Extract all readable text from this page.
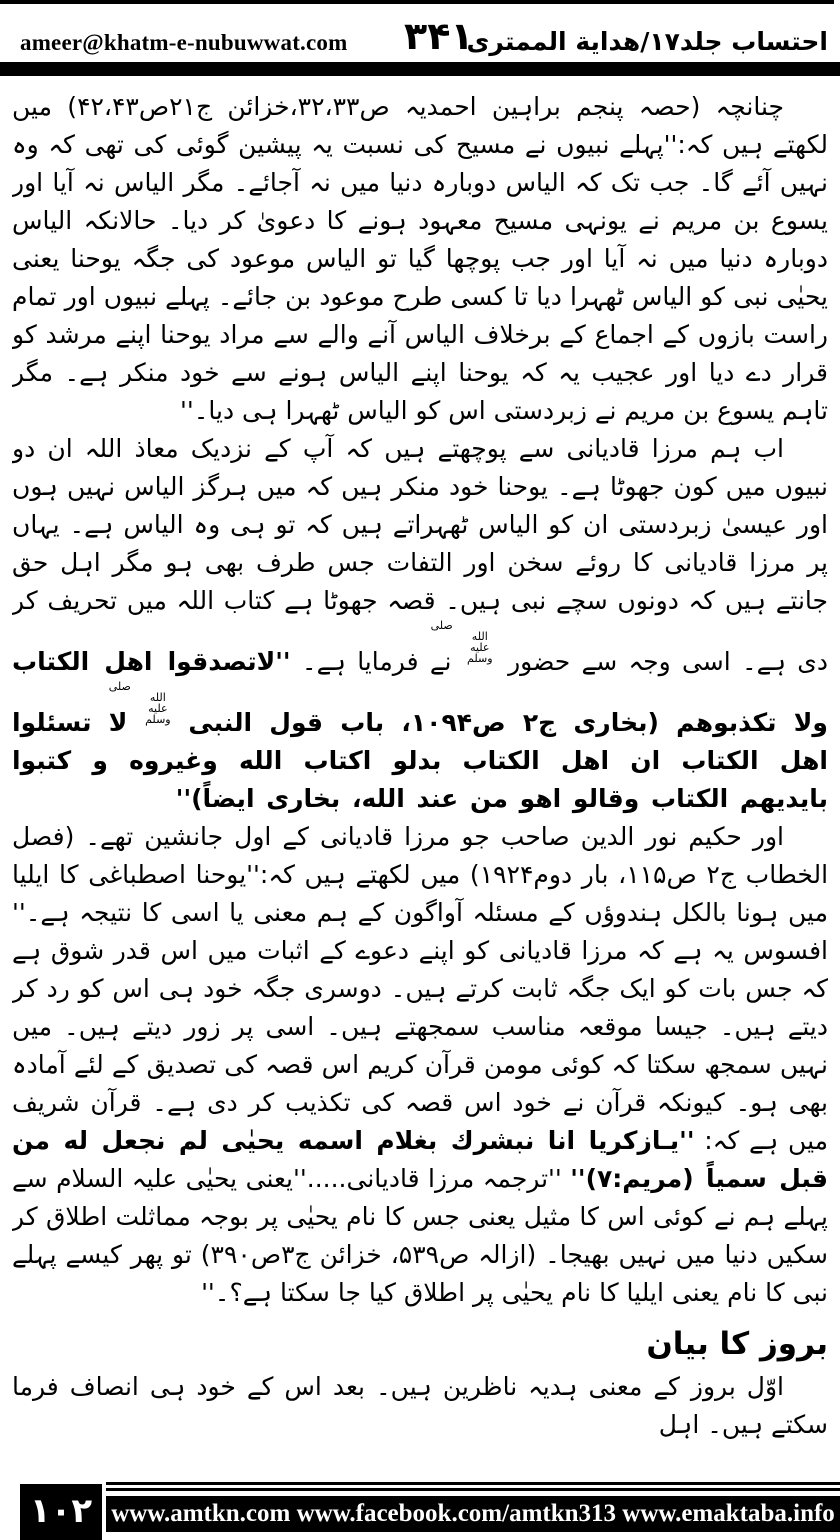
ameer@khatm-e-nubuwwat.com ۳۴۱
احتساب جلد۱۷/هدایة الممتری

چنانچہ (حصہ پنجم براہین احمدیہ ص۳۲،۳۳،خزائن ج۲۱ص۴۲،۴۳) میں لکھتے ہیں کہ:''پہلے نبیوں نے مسیح کی نسبت یہ پیشین گوئی کی تھی کہ وہ نہیں آئے گا۔ جب تک کہ الیاس دوبارہ دنیا میں نہ آجائے۔ مگر الیاس نہ آیا اور یسوع بن مریم نے یونہی مسیح معہود ہونے کا دعویٰ کر دیا۔ حالانکہ الیاس دوبارہ دنیا میں نہ آیا اور جب پوچھا گیا تو الیاس موعود کی جگہ یوحنا یعنی یحیٰی نبی کو الیاس ٹھہرا دیا تا کسی طرح موعود بن جائے۔ پہلے نبیوں اور تمام راست بازوں کے اجماع کے برخلاف الیاس آنے والے سے مراد یوحنا اپنے مرشد کو قرار دے دیا اور عجیب یہ کہ یوحنا اپنے الیاس ہونے سے خود منکر ہے۔ مگر تاہم یسوع بن مریم نے زبردستی اس کو الیاس ٹھہرا ہی دیا۔''

اب ہم مرزا قادیانی سے پوچھتے ہیں کہ آپ کے نزدیک معاذ اللہ ان دو نبیوں میں کون جھوٹا ہے۔ یوحنا خود منکر ہیں کہ میں ہرگز الیاس نہیں ہوں اور عیسیٰ زبردستی ان کو الیاس ٹھہراتے ہیں کہ تو ہی وہ الیاس ہے۔ یہاں پر مرزا قادیانی کا روئے سخن اور التفات جس طرف بھی ہو مگر اہل حق جانتے ہیں کہ دونوں سچے نبی ہیں۔ قصہ جھوٹا ہے کتاب اللہ میں تحریف کر دی ہے۔ اسی وجہ سے حضور صلى الله عليه وسلم نے فرمایا ہے۔ ''لاتصدقوا اهل الکتاب ولا تکذبوهم (بخاری ج۲ ص۱۰۹۴، باب قول النبی صلى الله عليه وسلم لا تسئلوا اهل الکتاب ان اهل الکتاب بدلو اکتاب الله وغیروه و کتبوا بایدیهم الکتاب وقالو اهو من عند الله، بخاری ایضاً)''

اور حکیم نور الدین صاحب جو مرزا قادیانی کے اول جانشین تھے۔ (فصل الخطاب ج۲ ص۱۱۵، بار دوم۱۹۲۴) میں لکھتے ہیں کہ:''یوحنا اصطباغی کا ایلیا میں ہونا بالکل ہندوؤں کے مسئلہ آواگون کے ہم معنی یا اسی کا نتیجہ ہے۔'' افسوس یہ ہے کہ مرزا قادیانی کو اپنے دعوے کے اثبات میں اس قدر شوق ہے کہ جس بات کو ایک جگہ ثابت کرتے ہیں۔ دوسری جگہ خود ہی اس کو رد کر دیتے ہیں۔ جیسا موقعہ مناسب سمجھتے ہیں۔ اسی پر زور دیتے ہیں۔ میں نہیں سمجھ سکتا کہ کوئی مومن قرآن کریم اس قصہ کی تصدیق کے لئے آمادہ بھی ہو۔ کیونکہ قرآن نے خود اس قصہ کی تکذیب کر دی ہے۔ قرآن شریف میں ہے کہ: ''یـازکریا انا نبشرك بغلام اسمه یحیٰی لم نجعل له من قبل سمیاً (مریم:۷)'' ''ترجمہ مرزا قادیانی.....''یعنی یحیٰی علیہ السلام سے پہلے ہم نے کوئی اس کا مثیل یعنی جس کا نام یحیٰی پر بوجہ مماثلت اطلاق کر سکیں دنیا میں نہیں بھیجا۔ (ازالہ ص۵۳۹، خزائن ج۳ص۳۹۰) تو پھر کیسے پہلے نبی کا نام یعنی ایلیا کا نام یحیٰی پر اطلاق کیا جا سکتا ہے؟۔''

بروز کا بیان

اوّل بروز کے معنی ہدیہ ناظرین ہیں۔ بعد اس کے خود ہی انصاف فرما سکتے ہیں۔ اہل

۱۰۲ www.amtkn.com www.facebook.com/amtkn313 www.emaktaba.info
